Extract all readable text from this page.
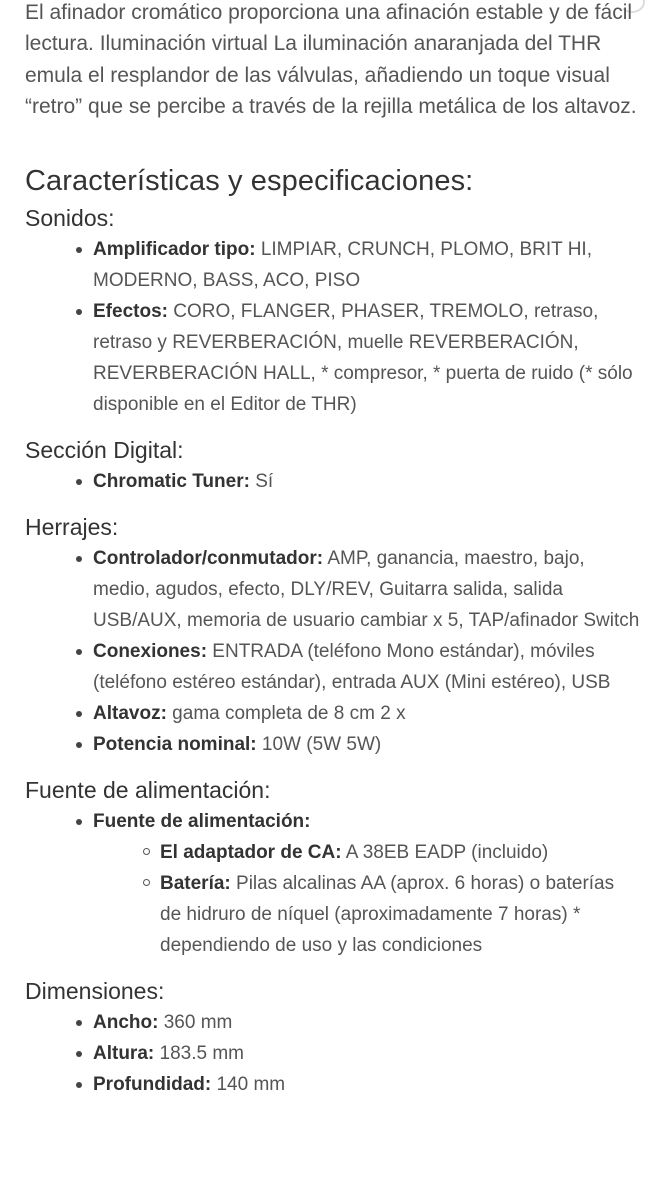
El afinador cromático proporciona una afinación estable y de fácil lectura. Iluminación virtual La iluminación anaranjada del THR emula el resplandor de las válvulas, añadiendo un toque visual “retro” que se percibe a través de la rejilla metálica de los altavoz.

Características y especificaciones:
Sonidos:
Amplificador tipo: LIMPIAR, CRUNCH, PLOMO, BRIT HI, MODERNO, BASS, ACO, PISO
Efectos: CORO, FLANGER, PHASER, TREMOLO, retraso, retraso y REVERBERACIÓN, muelle REVERBERACIÓN, REVERBERACIÓN HALL, * compresor, * puerta de ruido (* sólo disponible en el Editor de THR)
Sección Digital:
Chromatic Tuner: Sí
Herrajes:
Controlador/conmutador: AMP, ganancia, maestro, bajo, medio, agudos, efecto, DLY/REV, Guitarra salida, salida USB/AUX, memoria de usuario cambiar x 5, TAP/afinador Switch
Conexiones: ENTRADA (teléfono Mono estándar), móviles (teléfono estéreo estándar), entrada AUX (Mini estéreo), USB
Altavoz: gama completa de 8 cm 2 x
Potencia nominal: 10W (5W 5W)
Fuente de alimentación:
Fuente de alimentación:
El adaptador de CA: A 38EB EADP (incluido)
Batería: Pilas alcalinas AA (aprox. 6 horas) o baterías de hidruro de níquel (aproximadamente 7 horas) * dependiendo de uso y las condiciones
Dimensiones:
Ancho: 360 mm
Altura: 183.5 mm
Profundidad: 140 mm
